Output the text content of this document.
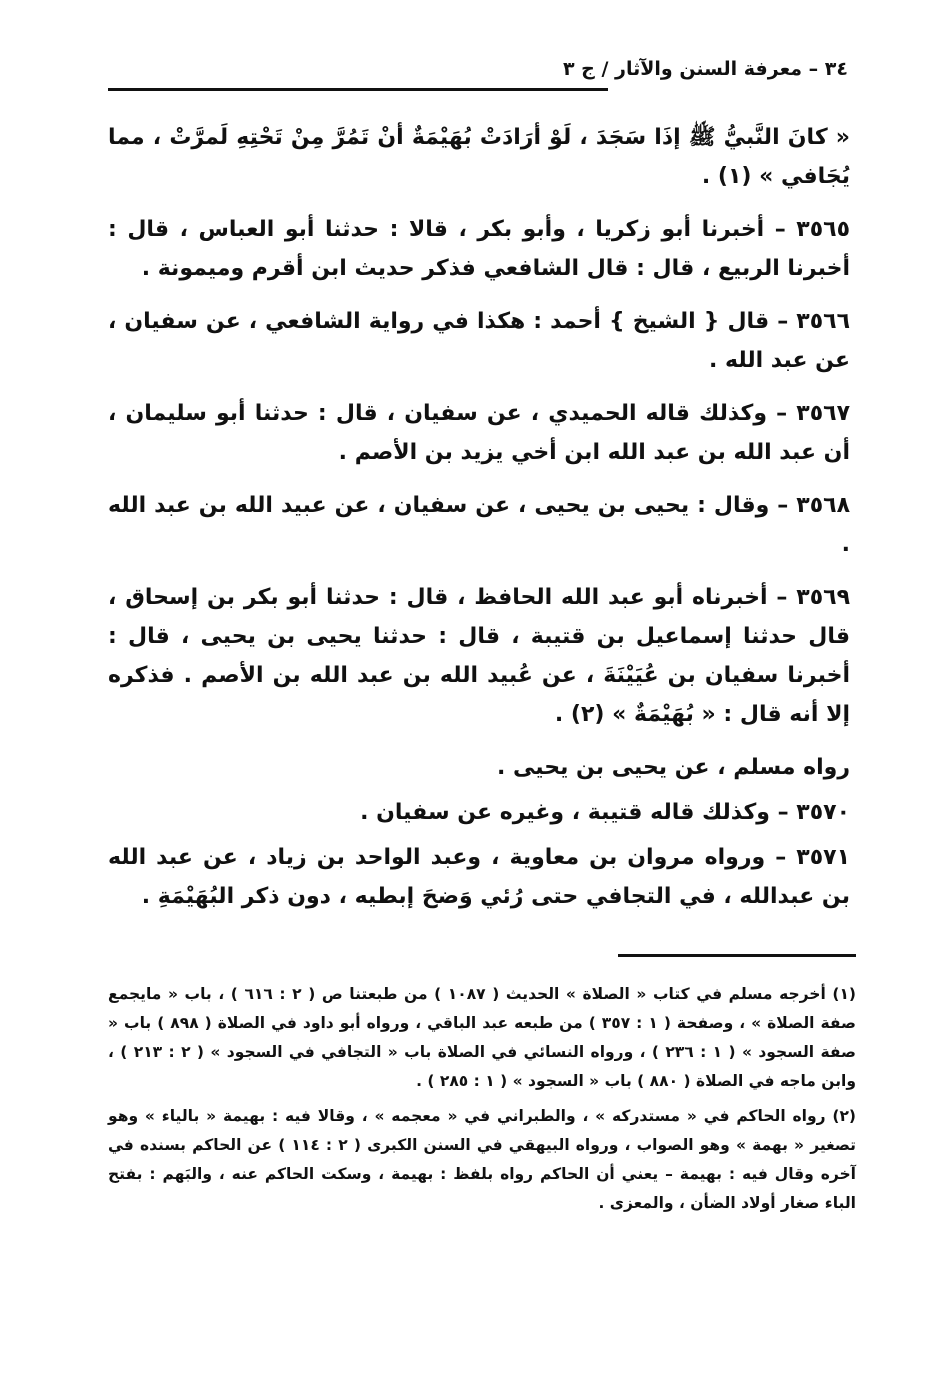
٣٤ – معرفة السنن والآثار / ج ٣

« كانَ النَّبيُّ ﷺ إذَا سَجَدَ ، لَوْ أرَادَتْ بُهَيْمَةٌ أنْ تَمُرَّ مِنْ تَحْتِهِ لَمرَّتْ ، مما يُجَافي » (١) .

٣٥٦٥ – أخبرنا أبو زكريا ، وأبو بكر ، قالا : حدثنا أبو العباس ، قال : أخبرنا الربيع ، قال : قال الشافعي فذكر حديث ابن أقرم وميمونة .

٣٥٦٦ – قال { الشيخ } أحمد : هكذا في رواية الشافعي ، عن سفيان ، عن عبد الله .

٣٥٦٧ – وكذلك قاله الحميدي ، عن سفيان ، قال : حدثنا أبو سليمان ، أن عبد الله بن عبد الله ابن أخي يزيد بن الأصم .

٣٥٦٨ – وقال : يحيى بن يحيى ، عن سفيان ، عن عبيد الله بن عبد الله .

٣٥٦٩ – أخبرناه أبو عبد الله الحافظ ، قال : حدثنا أبو بكر بن إسحاق ، قال حدثنا إسماعيل بن قتيبة ، قال : حدثنا يحيى بن يحيى ، قال : أخبرنا سفيان بن عُيَيْنَةَ ، عن عُبيد الله بن عبد الله بن الأصم . فذكره إلا أنه قال : « بُهَيْمَةٌ » (٢) .

رواه مسلم ، عن يحيى بن يحيى .

٣٥٧٠ – وكذلك قاله قتيبة ، وغيره عن سفيان .

٣٥٧١ – ورواه مروان بن معاوية ، وعبد الواحد بن زياد ، عن عبد الله بن عبدالله ، في التجافي حتى رُئي وَضحَ إبطيه ، دون ذكر البُهَيْمَةِ .

(١) أخرجه مسلم في كتاب « الصلاة » الحديث ( ١٠٨٧ ) من طبعتنا ص ( ٢ : ٦١٦ ) ، باب « مايجمع صفة الصلاة » ، وصفحة ( ١ : ٣٥٧ ) من طبعه عبد الباقي ، ورواه أبو داود في الصلاة ( ٨٩٨ ) باب « صفة السجود » ( ١ : ٢٣٦ ) ، ورواه النسائي في الصلاة باب « التجافي في السجود » ( ٢ : ٢١٣ ) ، وابن ماجه في الصلاة ( ٨٨٠ ) باب « السجود » ( ١ : ٢٨٥ ) .

(٢) رواه الحاكم في « مستدركه » ، والطبراني في « معجمه » ، وقالا فيه : بهيمة « بالياء » وهو تصغير « بهمة » وهو الصواب ، ورواه البيهقي في السنن الكبرى ( ٢ : ١١٤ ) عن الحاكم بسنده في آخره وقال فيه : بهيمة – يعني أن الحاكم رواه بلفظ : بهيمة ، وسكت الحاكم عنه ، والبَهم : بفتح الباء صغار أولاد الضأن ، والمعزى .
